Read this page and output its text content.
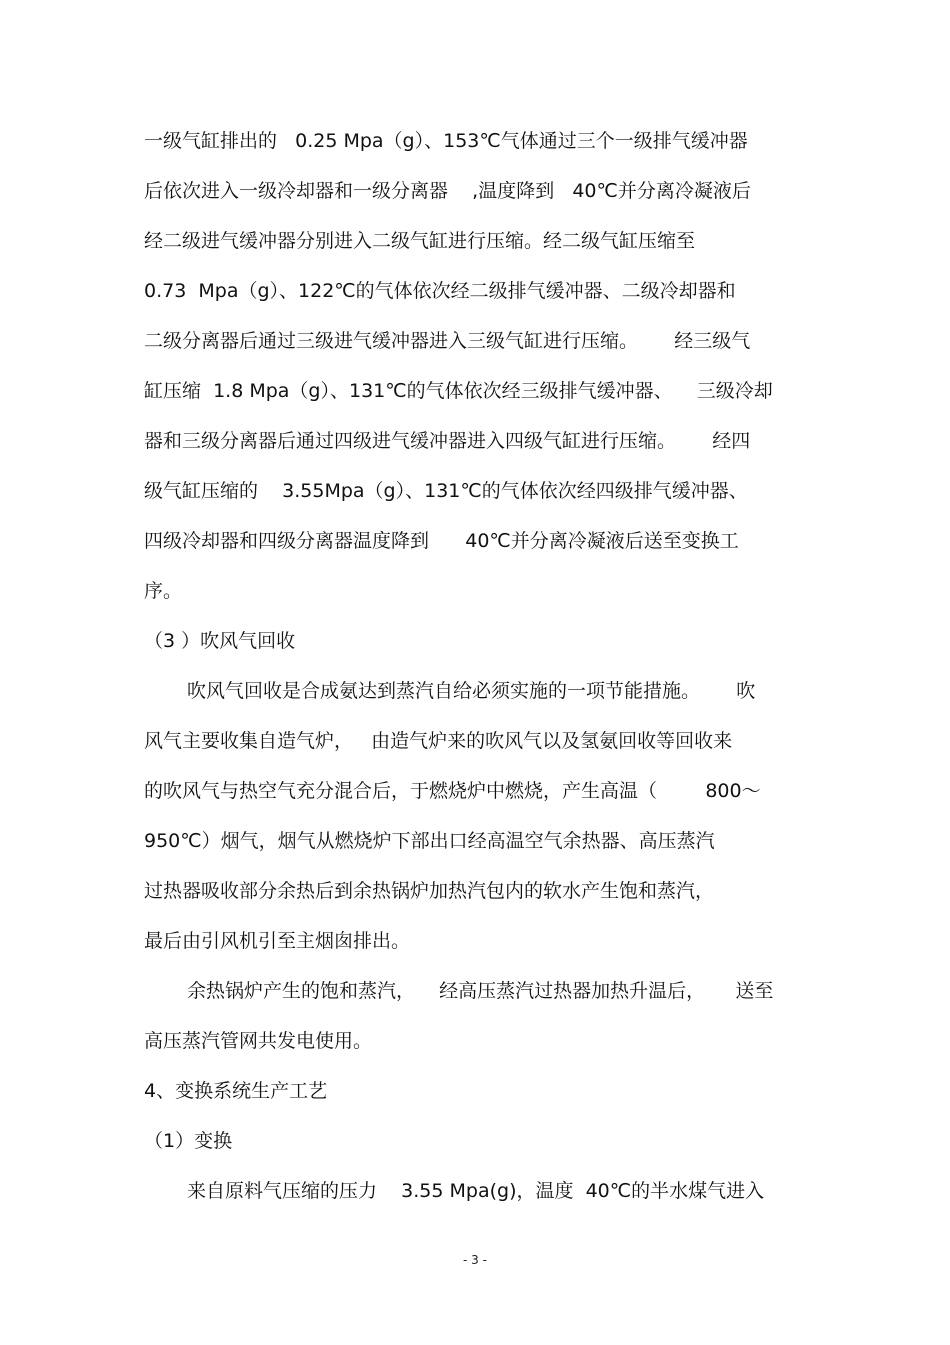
一级气缸排出的   0.25 Mpa（g）、153℃气体通过三个一级排气缓冲器
后依次进入一级冷却器和一级分离器    ,温度降到   40℃并分离冷凝液后
经二级进气缓冲器分别进入二级气缸进行压缩。经二级气缸压缩至
0.73  Mpa（g）、122℃的气体依次经二级排气缓冲器、二级冷却器和
二级分离器后通过三级进气缓冲器进入三级气缸进行压缩。      经三级气
缸压缩  1.8 Mpa（g）、131℃的气体依次经三级排气缓冲器、    三级冷却
器和三级分离器后通过四级进气缓冲器进入四级气缸进行压缩。      经四
级气缸压缩的    3.55Mpa（g）、131℃的气体依次经四级排气缓冲器、
四级冷却器和四级分离器温度降到      40℃并分离冷凝液后送至变换工
序。
（3 ）吹风气回收
吹风气回收是合成氨达到蒸汽自给必须实施的一项节能措施。      吹
风气主要收集自造气炉，   由造气炉来的吹风气以及氢氨回收等回收来
的吹风气与热空气充分混合后，于燃烧炉中燃烧，产生高温（        800～
950℃）烟气，烟气从燃烧炉下部出口经高温空气余热器、高压蒸汽
过热器吸收部分余热后到余热锅炉加热汽包内的软水产生饱和蒸汽，
最后由引风机引至主烟囱排出。
余热锅炉产生的饱和蒸汽，    经高压蒸汽过热器加热升温后，     送至
高压蒸汽管网共发电使用。
4、变换系统生产工艺
（1）变换
来自原料气压缩的压力    3.55 Mpa(g)，温度  40℃的半水煤气进入
- 3 -
